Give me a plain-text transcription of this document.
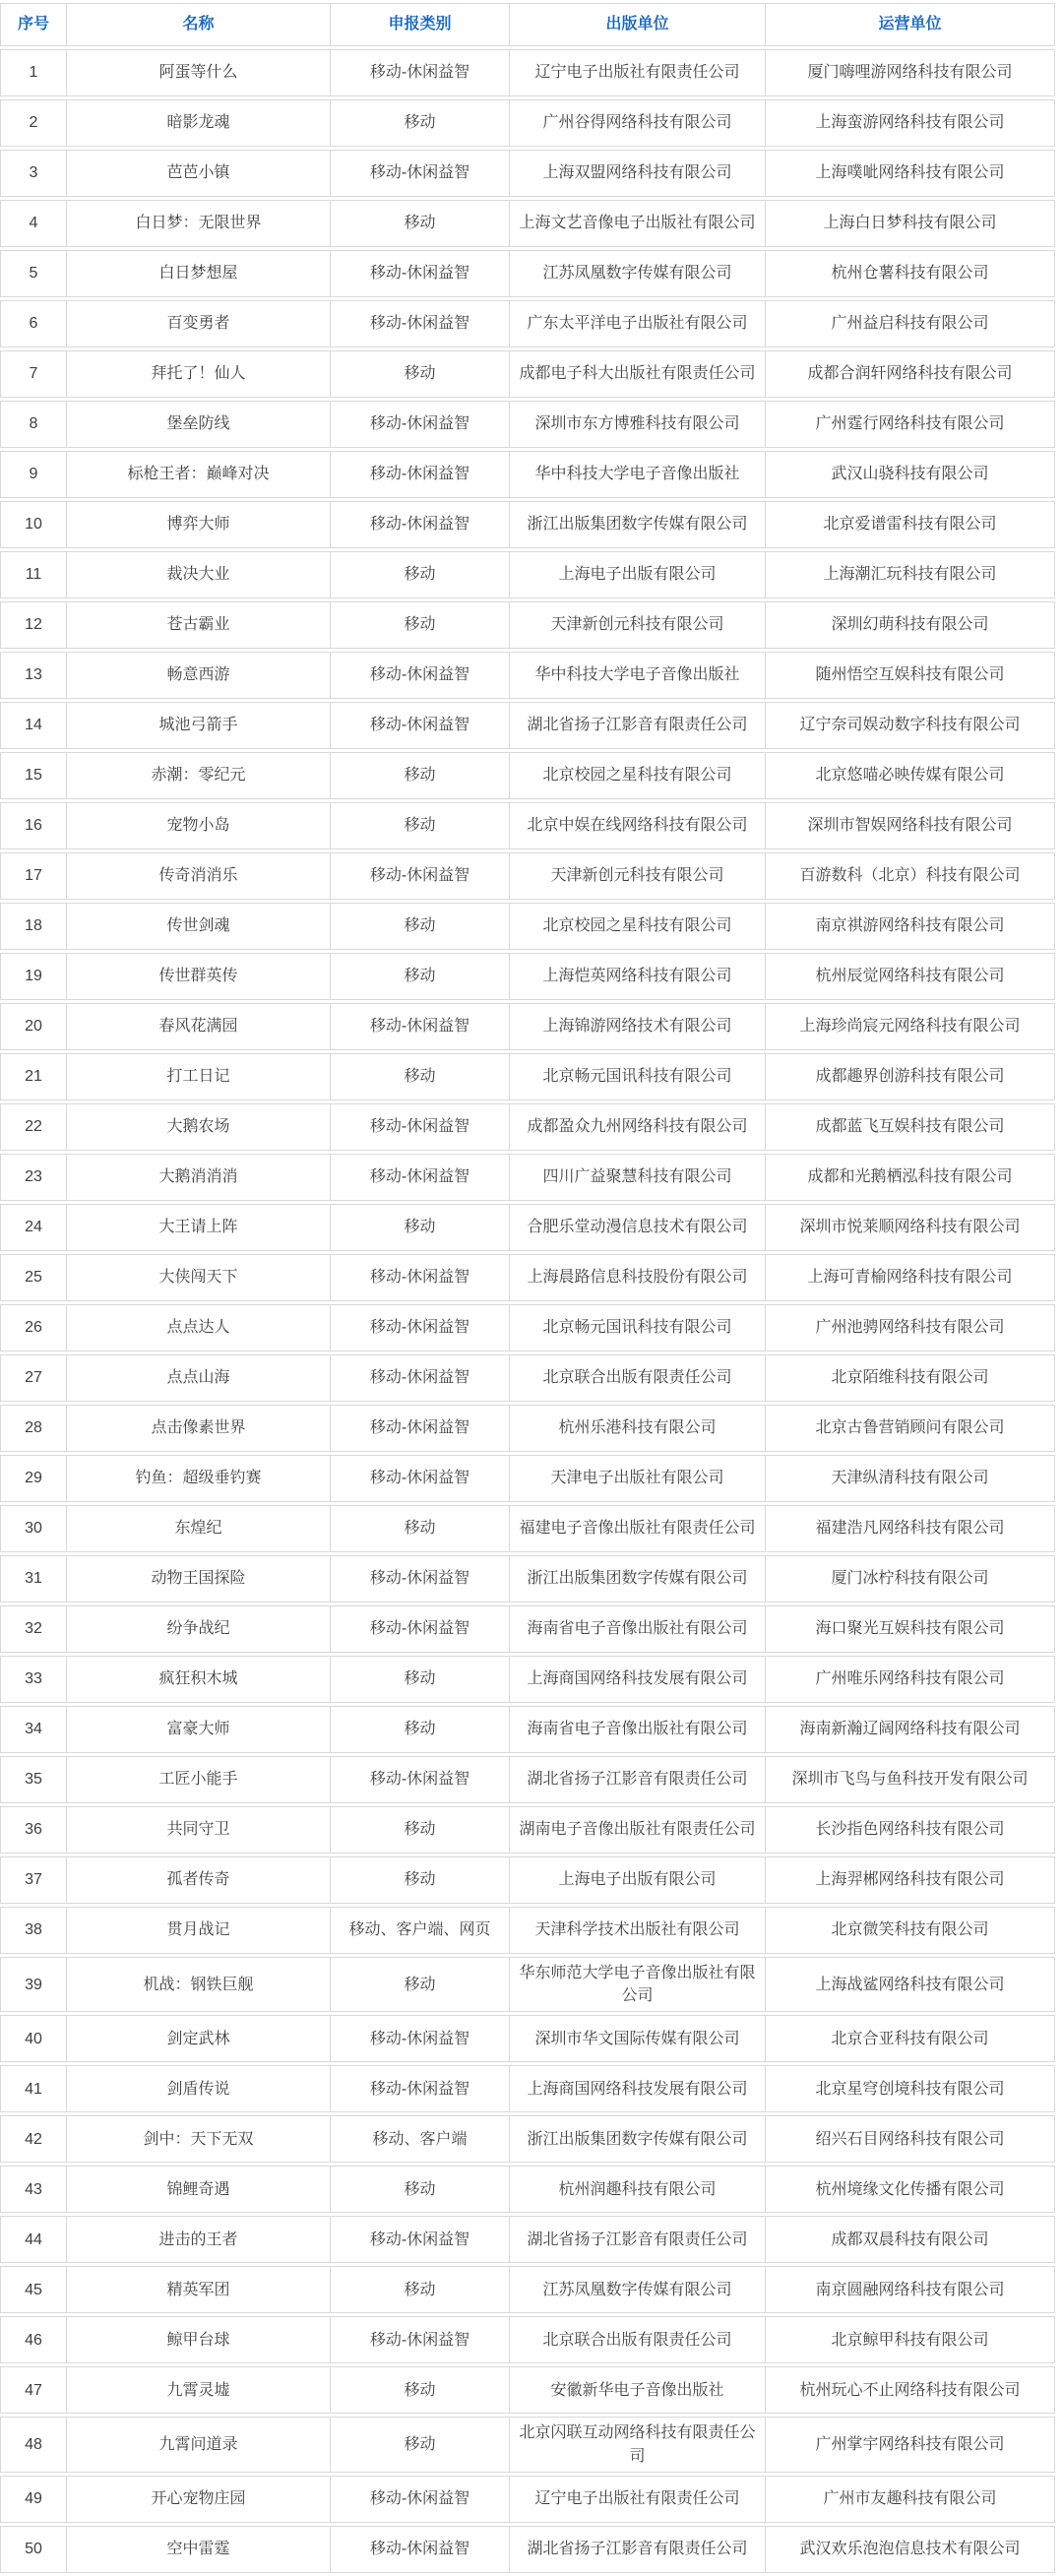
序号	名称	申报类别	出版单位	运营单位
1	阿蛋等什么	移动-休闲益智	辽宁电子出版社有限责任公司	厦门嗨哩游网络科技有限公司
2	暗影龙魂	移动	广州谷得网络科技有限公司	上海蛮游网络科技有限公司
3	芭芭小镇	移动-休闲益智	上海双盟网络科技有限公司	上海噗呲网络科技有限公司
4	白日梦：无限世界	移动	上海文艺音像电子出版社有限公司	上海白日梦科技有限公司
5	白日梦想屋	移动-休闲益智	江苏凤凰数字传媒有限公司	杭州仓薯科技有限公司
6	百变勇者	移动-休闲益智	广东太平洋电子出版社有限公司	广州益启科技有限公司
7	拜托了！仙人	移动	成都电子科大出版社有限责任公司	成都合润轩网络科技有限公司
8	堡垒防线	移动-休闲益智	深圳市东方博雅科技有限公司	广州霆行网络科技有限公司
9	标枪王者：巅峰对决	移动-休闲益智	华中科技大学电子音像出版社	武汉山骁科技有限公司
10	博弈大师	移动-休闲益智	浙江出版集团数字传媒有限公司	北京爱谱雷科技有限公司
11	裁决大业	移动	上海电子出版有限公司	上海潮汇玩科技有限公司
12	苍古霸业	移动	天津新创元科技有限公司	深圳幻萌科技有限公司
13	畅意西游	移动-休闲益智	华中科技大学电子音像出版社	随州悟空互娱科技有限公司
14	城池弓箭手	移动-休闲益智	湖北省扬子江影音有限责任公司	辽宁奈司娱动数字科技有限公司
15	赤潮：零纪元	移动	北京校园之星科技有限公司	北京悠喵必映传媒有限公司
16	宠物小岛	移动	北京中娱在线网络科技有限公司	深圳市智娱网络科技有限公司
17	传奇消消乐	移动-休闲益智	天津新创元科技有限公司	百游数科（北京）科技有限公司
18	传世剑魂	移动	北京校园之星科技有限公司	南京祺游网络科技有限公司
19	传世群英传	移动	上海恺英网络科技有限公司	杭州辰觉网络科技有限公司
20	春风花满园	移动-休闲益智	上海锦游网络技术有限公司	上海珍尚宸元网络科技有限公司
21	打工日记	移动	北京畅元国讯科技有限公司	成都趣界创游科技有限公司
22	大鹅农场	移动-休闲益智	成都盈众九州网络科技有限公司	成都蓝飞互娱科技有限公司
23	大鹅消消消	移动-休闲益智	四川广益聚慧科技有限公司	成都和光鹅栖泓科技有限公司
24	大王请上阵	移动	合肥乐堂动漫信息技术有限公司	深圳市悦莱顺网络科技有限公司
25	大侠闯天下	移动-休闲益智	上海晨路信息科技股份有限公司	上海可青榆网络科技有限公司
26	点点达人	移动-休闲益智	北京畅元国讯科技有限公司	广州池骋网络科技有限公司
27	点点山海	移动-休闲益智	北京联合出版有限责任公司	北京陌维科技有限公司
28	点击像素世界	移动-休闲益智	杭州乐港科技有限公司	北京古鲁营销顾问有限公司
29	钓鱼：超级垂钓赛	移动-休闲益智	天津电子出版社有限公司	天津纵清科技有限公司
30	东煌纪	移动	福建电子音像出版社有限责任公司	福建浩凡网络科技有限公司
31	动物王国探险	移动-休闲益智	浙江出版集团数字传媒有限公司	厦门冰柠科技有限公司
32	纷争战纪	移动-休闲益智	海南省电子音像出版社有限公司	海口聚光互娱科技有限公司
33	疯狂积木城	移动	上海商国网络科技发展有限公司	广州唯乐网络科技有限公司
34	富豪大师	移动	海南省电子音像出版社有限公司	海南新瀚辽阔网络科技有限公司
35	工匠小能手	移动-休闲益智	湖北省扬子江影音有限责任公司	深圳市飞鸟与鱼科技开发有限公司
36	共同守卫	移动	湖南电子音像出版社有限责任公司	长沙指色网络科技有限公司
37	孤者传奇	移动	上海电子出版有限公司	上海羿郴网络科技有限公司
38	贯月战记	移动、客户端、网页	天津科学技术出版社有限公司	北京微笑科技有限公司
39	机战：钢铁巨舰	移动	华东师范大学电子音像出版社有限公司	上海战鲨网络科技有限公司
40	剑定武林	移动-休闲益智	深圳市华文国际传媒有限公司	北京合亚科技有限公司
41	剑盾传说	移动-休闲益智	上海商国网络科技发展有限公司	北京星穹创境科技有限公司
42	剑中：天下无双	移动、客户端	浙江出版集团数字传媒有限公司	绍兴石目网络科技有限公司
43	锦鲤奇遇	移动	杭州润趣科技有限公司	杭州境缘文化传播有限公司
44	进击的王者	移动-休闲益智	湖北省扬子江影音有限责任公司	成都双晨科技有限公司
45	精英军团	移动	江苏凤凰数字传媒有限公司	南京圆融网络科技有限公司
46	鲸甲台球	移动-休闲益智	北京联合出版有限责任公司	北京鲸甲科技有限公司
47	九霄灵墟	移动	安徽新华电子音像出版社	杭州玩心不止网络科技有限公司
48	九霄问道录	移动	北京闪联互动网络科技有限责任公司	广州掌宇网络科技有限公司
49	开心宠物庄园	移动-休闲益智	辽宁电子出版社有限责任公司	广州市友趣科技有限公司
50	空中雷霆	移动-休闲益智	湖北省扬子江影音有限责任公司	武汉欢乐泡泡信息技术有限公司
